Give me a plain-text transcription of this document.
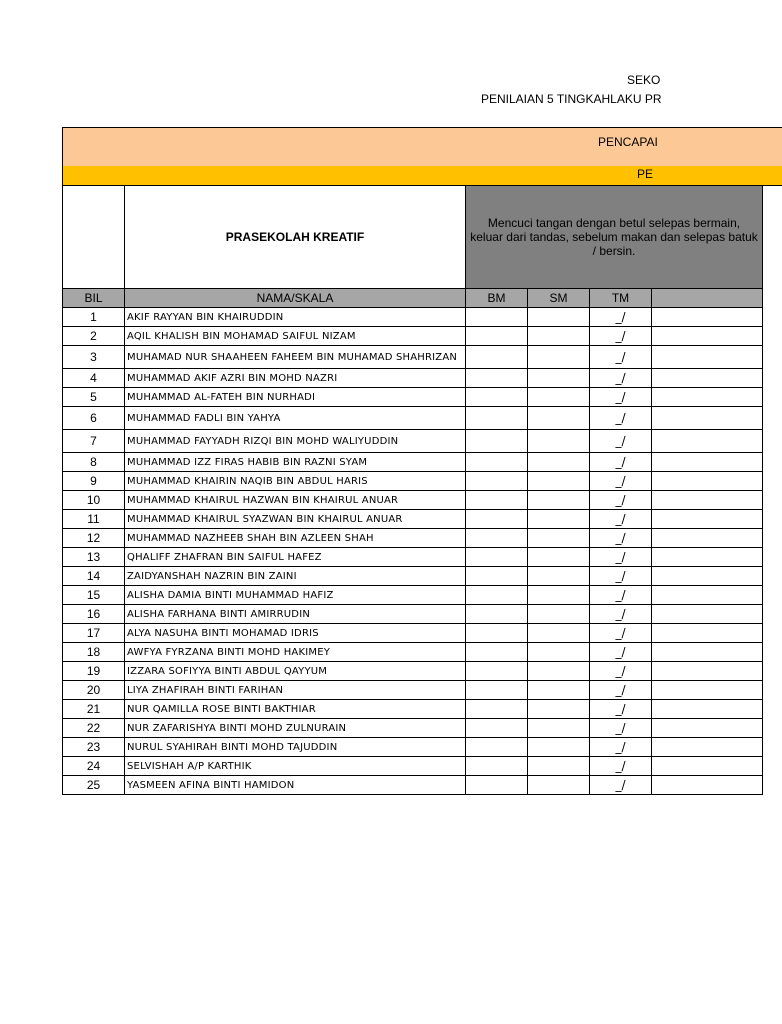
SEKO
PENILAIAN 5 TINGKAHLAKU PR
PENCAPAI
PE
	PRASEKOLAH KREATIF	Mencuci tangan dengan betul selepas bermain, keluar dari tandas, sebelum makan dan selepas batuk / bersin.			
BIL	NAMA/SKALA	BM	SM	TM	
1	AKIF RAYYAN BIN KHAIRUDDIN			_/	
2	AQIL KHALISH BIN MOHAMAD SAIFUL NIZAM			_/	
3	MUHAMAD NUR SHAAHEEN FAHEEM BIN MUHAMAD SHAHRIZAN			_/	
4	MUHAMMAD AKIF AZRI BIN MOHD NAZRI			_/	
5	MUHAMMAD AL-FATEH BIN NURHADI			_/	
6	MUHAMMAD FADLI BIN YAHYA			_/	
7	MUHAMMAD FAYYADH RIZQI BIN MOHD WALIYUDDIN			_/	
8	MUHAMMAD IZZ FIRAS HABIB BIN RAZNI SYAM			_/	
9	MUHAMMAD KHAIRIN NAQIB BIN ABDUL HARIS			_/	
10	MUHAMMAD KHAIRUL HAZWAN BIN KHAIRUL ANUAR			_/	
11	MUHAMMAD KHAIRUL SYAZWAN BIN KHAIRUL ANUAR			_/	
12	MUHAMMAD NAZHEEB SHAH BIN AZLEEN SHAH			_/	
13	QHALIFF ZHAFRAN BIN SAIFUL HAFEZ			_/	
14	ZAIDYANSHAH NAZRIN BIN ZAINI			_/	
15	ALISHA DAMIA BINTI MUHAMMAD HAFIZ			_/	
16	ALISHA FARHANA BINTI AMIRRUDIN			_/	
17	ALYA NASUHA BINTI MOHAMAD IDRIS			_/	
18	AWFYA FYRZANA BINTI MOHD HAKIMEY			_/	
19	IZZARA SOFIYYA BINTI ABDUL QAYYUM			_/	
20	LIYA ZHAFIRAH BINTI FARIHAN			_/	
21	NUR QAMILLA ROSE BINTI BAKTHIAR			_/	
22	NUR ZAFARISHYA BINTI MOHD ZULNURAIN			_/	
23	NURUL SYAHIRAH BINTI MOHD TAJUDDIN			_/	
24	SELVISHAH A/P KARTHIK			_/	
25	YASMEEN AFINA BINTI HAMIDON			_/	
